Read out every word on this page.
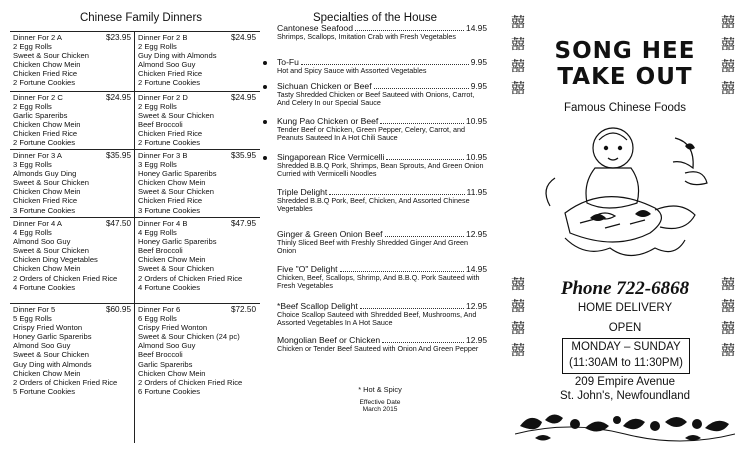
Chinese Family Dinners
Dinner For 2 A	$23.95
2 Egg Rolls
Sweet & Sour Chicken
Chicken Chow Mein
Chicken Fried Rice
2 Fortune Cookies
Dinner For 2 B	$24.95
2 Egg Rolls
Guy Ding with Almonds
Almond Soo Guy
Chicken Fried Rice
2 Fortune Cookies
Dinner For 2 C	$24.95
2 Egg Rolls
Garlic Spareribs
Chicken Chow Mein
Chicken Fried Rice
2 Fortune Cookies
Dinner For 2 D	$24.95
2 Egg Rolls
Sweet & Sour Chicken
Beef Broccoli
Chicken Fried Rice
2 Fortune Cookies
Dinner For 3 A	$35.95
3 Egg Rolls
Almonds Guy Ding
Sweet & Sour Chicken
Chicken Chow Mein
Chicken Fried Rice
3 Fortune Cookies
Dinner For 3 B	$35.95
3 Egg Rolls
Honey Garlic Spareribs
Chicken Chow Mein
Sweet & Sour Chicken
Chicken Fried Rice
3 Fortune Cookies
Dinner For 4 A	$47.50
4 Egg Rolls
Almond Soo Guy
Sweet & Sour Chicken
Chicken Ding Vegetables
Chicken Chow Mein
2 Orders of Chicken Fried Rice
4 Fortune Cookies
Dinner For 4 B	$47.95
4 Egg Rolls
Honey Garlic Spareribs
Beef Broccoli
Chicken Chow Mein
Sweet & Sour Chicken
2 Orders of Chicken Fried Rice
4 Fortune Cookies
Dinner For 5	$60.95
5 Egg Rolls
Crispy Fried Wonton
Honey Garlic Spareribs
Almond Soo Guy
Sweet & Sour Chicken
Guy Ding with Almonds
Chicken Chow Mein
2 Orders of Chicken Fried Rice
5 Fortune Cookies
Dinner For 6	$72.50
6 Egg Rolls
Crispy Fried Wonton
Sweet & Sour Chicken (24 pc)
Almond Soo Guy
Beef Broccoli
Garlic Spareribs
Chicken Chow Mein
2 Orders of Chicken Fried Rice
6 Fortune Cookies
Specialties of the House
Cantonese Seafood	14.95
Shrimps, Scallops, Imitation Crab with Fresh Vegetables
To-Fu	9.95
Hot and Spicy Sauce with Assorted Vegetables
Sichuan Chicken or Beef	9.95
Tasty Shredded Chicken or Beef Sauteed with Onions, Carrot, And Celery In our Special Sauce
Kung Pao Chicken or Beef	10.95
Tender Beef or Chicken, Green Pepper, Celery, Carrot, and Peanuts Sauteed In A Hot Chili Sauce
Singaporean Rice Vermicelli	10.95
Shredded B.B.Q Pork, Shrimps, Bean Sprouts, And Green Onion Curried with Vermicelli Noodles
Triple Delight	11.95
Shredded B.B.Q Pork, Beef, Chicken, And Assorted Chinese Vegetables
Ginger & Green Onion Beef	12.95
Thinly Sliced Beef with Freshly Shredded Ginger And Green Onion
Five "O" Delight	14.95
Chicken, Beef, Scallops, Shrimp, And B.B.Q. Pork Sauteed with Fresh Vegetables
*Beef Scallop Delight	12.95
Choice Scallop Sauteed with Shredded Beef, Mushrooms, And Assorted Vegetables In A Hot Sauce
Mongolian Beef or Chicken	12.95
Chicken or Tender Beef Sauteed with Onion And Green Pepper
* Hot & Spicy
Effective Date
March 2015
囍
囍
囍
囍
囍
囍
囍
囍
囍
囍
囍
囍
囍
囍
囍
囍
SONG HEE
TAKE OUT
Famous Chinese Foods
Phone 722-6868
HOME DELIVERY
OPEN
MONDAY – SUNDAY
(11:30AM to 11:30PM)
209 Empire Avenue
St. John's, Newfoundland
